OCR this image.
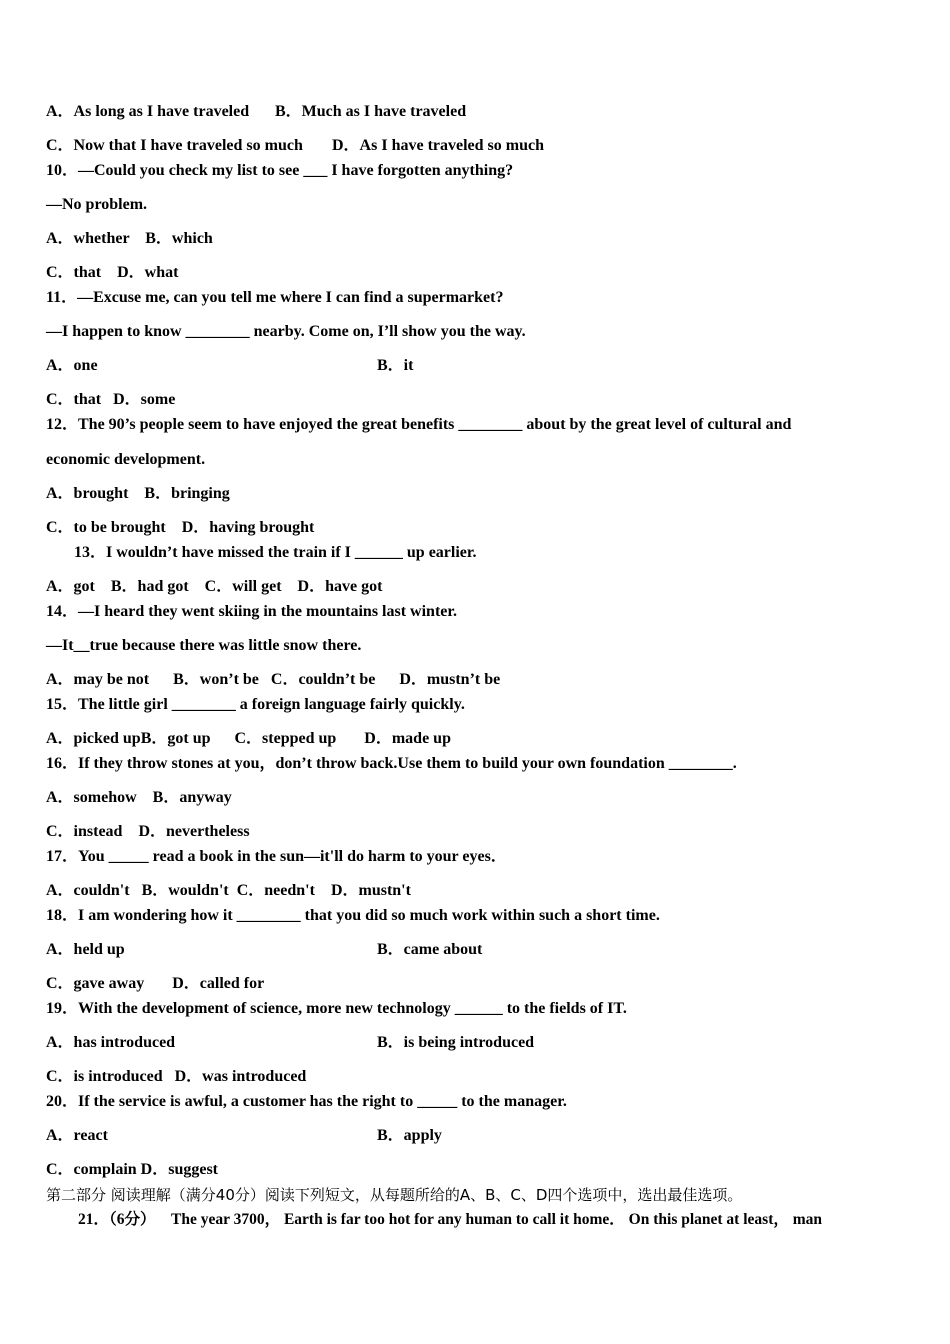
A．As long as I have traveled B．Much as I have traveled
C．Now that I have traveled so much D．As I have traveled so much
10．—Could you check my list to see ___ I have forgotten anything?
—No problem.
A．whether    B．which
C．that    D．what
11．—Excuse me, can you tell me where I can find a supermarket?
—I happen to know ________ nearby. Come on, I’ll show you the way.
A．one	B．it
C．that   D．some
12．The 90’s people seem to have enjoyed the great benefits ________ about by the great level of cultural and
economic development.
A．brought    B．bringing
C．to be brought    D．having brought
13．I wouldn’t have missed the train if I ______ up earlier.
A．got    B．had got    C．will get    D．have got
14．—I heard they went skiing in the mountains last winter.
—It__true because there was little snow there.
A．may be not      B．won’t be   C．couldn’t be      D．mustn’t be
15．The little girl ________ a foreign language fairly quickly.
A．picked upB．got up      C．stepped up       D．made up
16．If they throw stones at you，don’t throw back.Use them to build your own foundation ________.
A．somehow    B．anyway
C．instead    D．nevertheless
17．You _____ read a book in the sun—it'll do harm to your eyes．
A．couldn't   B．wouldn't  C．needn't    D．mustn't
18．I am wondering how it ________ that you did so much work within such a short time.
A．held up	B．came about
C．gave away       D．called for
19．With the development of science, more new technology ______ to the fields of IT.
A．has introduced	B．is being introduced
C．is introduced   D．was introduced
20．If the service is awful, a customer has the right to _____ to the manager.
A．react	B．apply
C．complain D．suggest
第二部分 阅读理解（满分40分）阅读下列短文，从每题所给的A、B、C、D四个选项中，选出最佳选项。
21．（6分）    The year 3700， Earth is far too hot for any human to call it home． On this planet at least， man
